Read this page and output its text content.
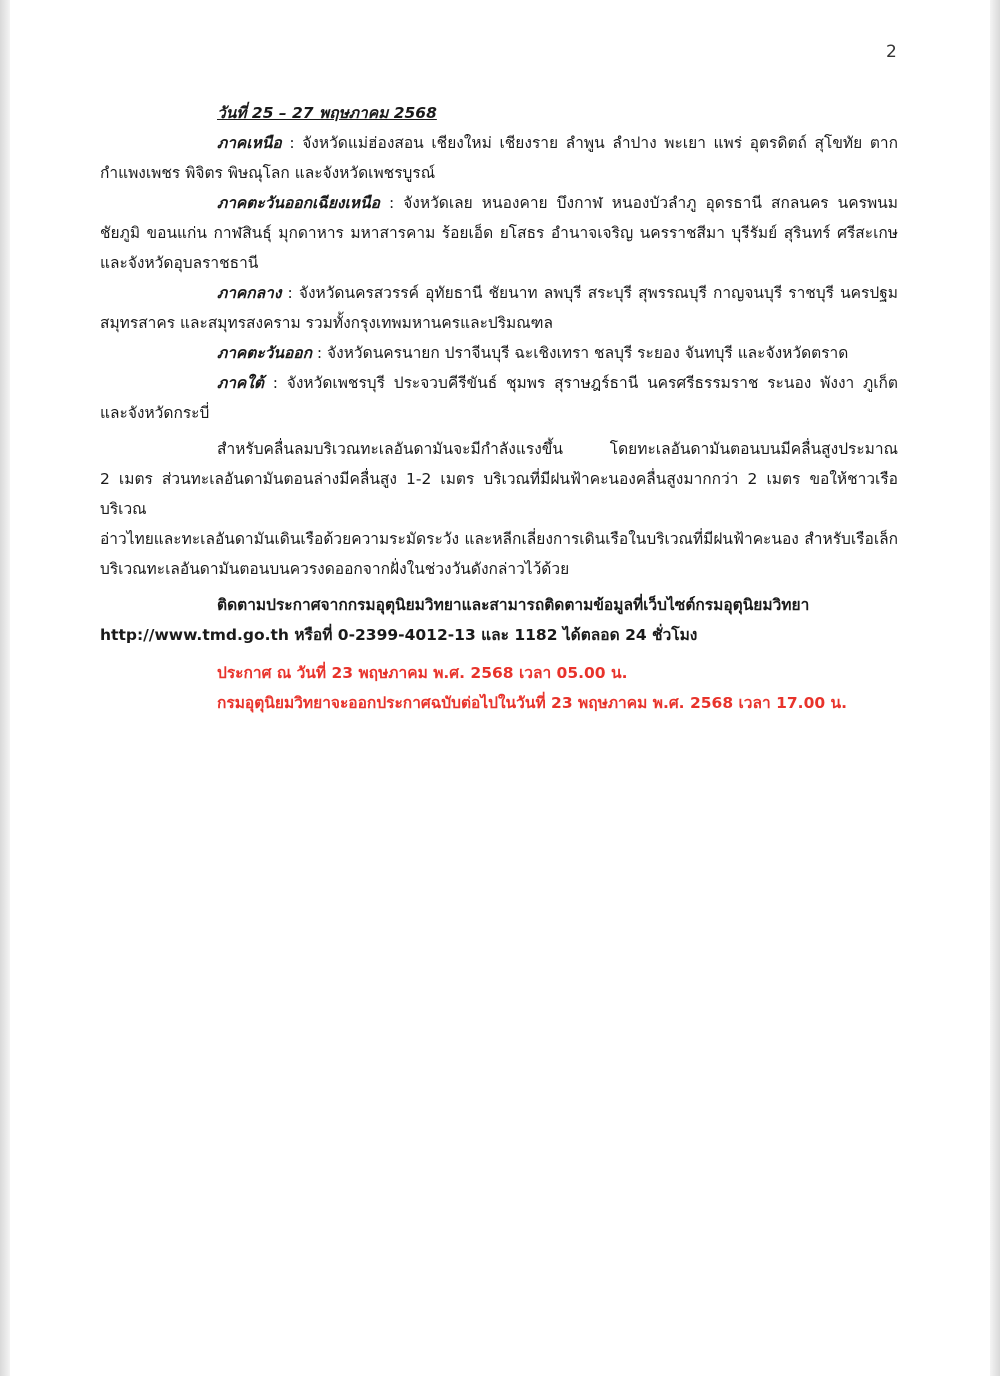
2
วันที่ 25 – 27 พฤษภาคม 2568
ภาคเหนือ : จังหวัดแม่ฮ่องสอน เชียงใหม่ เชียงราย ลำพูน ลำปาง พะเยา แพร่ อุตรดิตถ์ สุโขทัย ตาก
กำแพงเพชร พิจิตร พิษณุโลก และจังหวัดเพชรบูรณ์
ภาคตะวันออกเฉียงเหนือ : จังหวัดเลย หนองคาย บึงกาฬ หนองบัวลำภู อุดรธานี สกลนคร นครพนม
ชัยภูมิ ขอนแก่น กาฬสินธุ์ มุกดาหาร มหาสารคาม ร้อยเอ็ด ยโสธร อำนาจเจริญ นครราชสีมา บุรีรัมย์ สุรินทร์ ศรีสะเกษ
และจังหวัดอุบลราชธานี
ภาคกลาง : จังหวัดนครสวรรค์ อุทัยธานี ชัยนาท ลพบุรี สระบุรี สุพรรณบุรี กาญจนบุรี ราชบุรี นครปฐม
สมุทรสาคร และสมุทรสงคราม รวมทั้งกรุงเทพมหานครและปริมณฑล
ภาคตะวันออก : จังหวัดนครนายก ปราจีนบุรี ฉะเชิงเทรา ชลบุรี ระยอง จันทบุรี และจังหวัดตราด
ภาคใต้ : จังหวัดเพชรบุรี ประจวบคีรีขันธ์ ชุมพร สุราษฎร์ธานี นครศรีธรรมราช ระนอง พังงา ภูเก็ต
และจังหวัดกระบี่
สำหรับคลื่นลมบริเวณทะเลอันดามันจะมีกำลังแรงขึ้น โดยทะเลอันดามันตอนบนมีคลื่นสูงประมาณ
2 เมตร ส่วนทะเลอันดามันตอนล่างมีคลื่นสูง 1-2 เมตร บริเวณที่มีฝนฟ้าคะนองคลื่นสูงมากกว่า 2 เมตร ขอให้ชาวเรือบริเวณ
อ่าวไทยและทะเลอันดามันเดินเรือด้วยความระมัดระวัง และหลีกเลี่ยงการเดินเรือในบริเวณที่มีฝนฟ้าคะนอง สำหรับเรือเล็ก
บริเวณทะเลอันดามันตอนบนควรงดออกจากฝั่งในช่วงวันดังกล่าวไว้ด้วย
ติดตามประกาศจากกรมอุตุนิยมวิทยาและสามารถติดตามข้อมูลที่เว็บไซต์กรมอุตุนิยมวิทยา
http://www.tmd.go.th หรือที่ 0-2399-4012-13 และ 1182 ได้ตลอด 24 ชั่วโมง
ประกาศ ณ วันที่ 23 พฤษภาคม พ.ศ. 2568 เวลา 05.00 น.
กรมอุตุนิยมวิทยาจะออกประกาศฉบับต่อไปในวันที่ 23 พฤษภาคม พ.ศ. 2568 เวลา 17.00 น.
